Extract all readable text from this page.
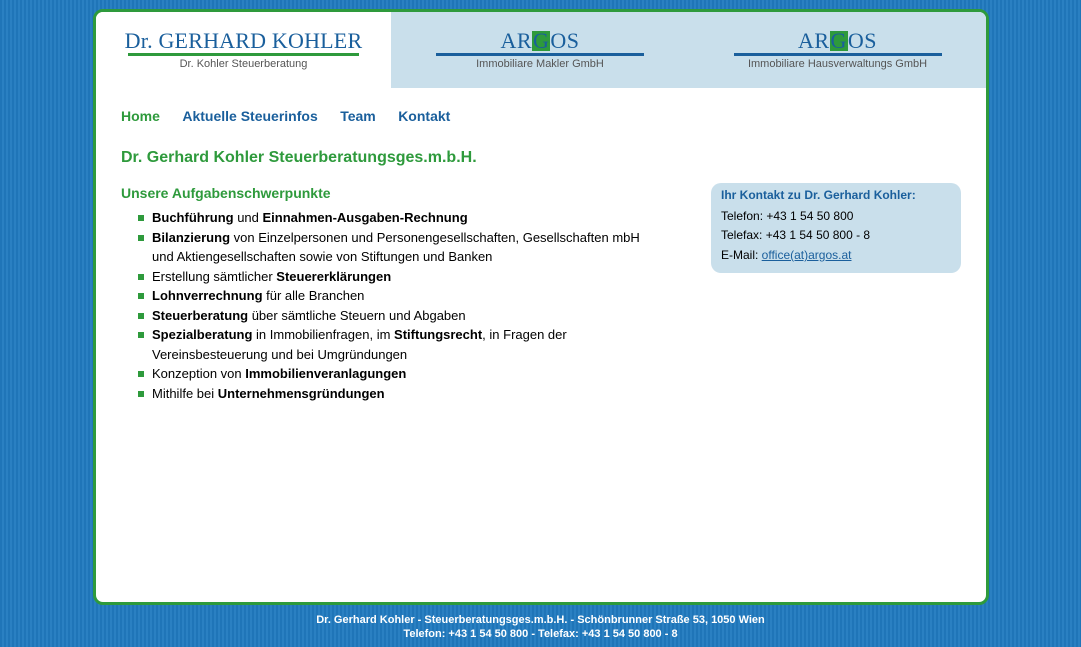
Dr. GERHARD KOHLER
Dr. Kohler Steuerberatung
ARGOS
Immobiliare Makler GmbH
ARGOS
Immobiliare Hausverwaltungs GmbH
Home Aktuelle Steuerinfos Team Kontakt
Dr. Gerhard Kohler Steuerberatungsges.m.b.H.
Unsere Aufgabenschwerpunkte
Buchführung und Einnahmen-Ausgaben-Rechnung
Bilanzierung von Einzelpersonen und Personengesellschaften, Gesellschaften mbH und Aktiengesellschaften sowie von Stiftungen und Banken
Erstellung sämtlicher Steuererklärungen
Lohnverrechnung für alle Branchen
Steuerberatung über sämtliche Steuern und Abgaben
Spezialberatung in Immobilienfragen, im Stiftungsrecht, in Fragen der Vereinsbesteuerung und bei Umgründungen
Konzeption von Immobilienveranlagungen
Mithilfe bei Unternehmensgründungen
Ihr Kontakt zu Dr. Gerhard Kohler:
Telefon: +43 1 54 50 800
Telefax: +43 1 54 50 800 - 8
E-Mail: office(at)argos.at
Dr. Gerhard Kohler - Steuerberatungsges.m.b.H. - Schönbrunner Straße 53, 1050 Wien
Telefon: +43 1 54 50 800 - Telefax: +43 1 54 50 800 - 8
